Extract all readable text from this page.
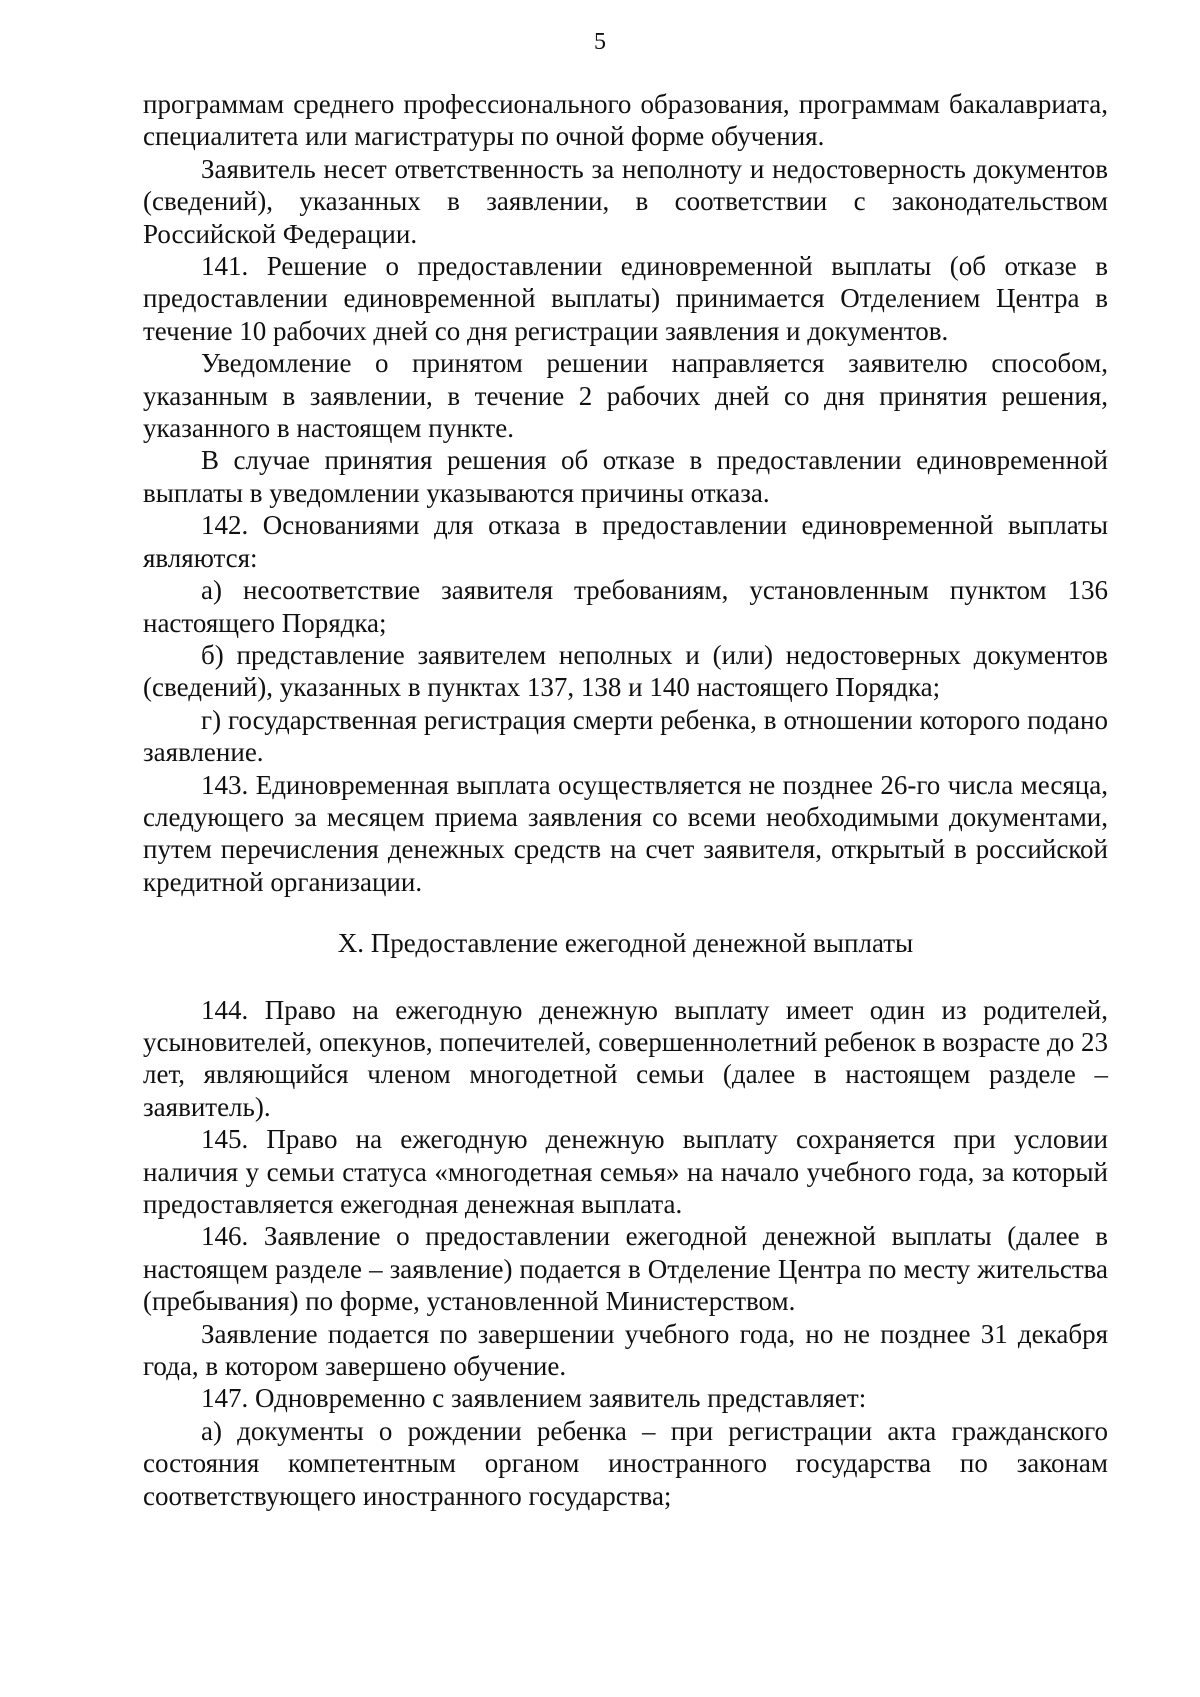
5

программам среднего профессионального образования, программам бакалавриата, специалитета или магистратуры по очной форме обучения.

Заявитель несет ответственность за неполноту и недостоверность документов (сведений), указанных в заявлении, в соответствии с законодательством Российской Федерации.

141. Решение о предоставлении единовременной выплаты (об отказе в предоставлении единовременной выплаты) принимается Отделением Центра в течение 10 рабочих дней со дня регистрации заявления и документов.

Уведомление о принятом решении направляется заявителю способом, указанным в заявлении, в течение 2 рабочих дней со дня принятия решения, указанного в настоящем пункте.

В случае принятия решения об отказе в предоставлении единовременной выплаты в уведомлении указываются причины отказа.

142. Основаниями для отказа в предоставлении единовременной выплаты являются:

а) несоответствие заявителя требованиям, установленным пунктом 136 настоящего Порядка;

б) представление заявителем неполных и (или) недостоверных документов (сведений), указанных в пунктах 137, 138 и 140 настоящего Порядка;

г) государственная регистрация смерти ребенка, в отношении которого подано заявление.

143. Единовременная выплата осуществляется не позднее 26-го числа месяца, следующего за месяцем приема заявления со всеми необходимыми документами, путем перечисления денежных средств на счет заявителя, открытый в российской кредитной организации.

X. Предоставление ежегодной денежной выплаты

144. Право на ежегодную денежную выплату имеет один из родителей, усыновителей, опекунов, попечителей, совершеннолетний ребенок в возрасте до 23 лет, являющийся членом многодетной семьи (далее в настоящем разделе – заявитель).

145. Право на ежегодную денежную выплату сохраняется при условии наличия у семьи статуса «многодетная семья» на начало учебного года, за который предоставляется ежегодная денежная выплата.

146. Заявление о предоставлении ежегодной денежной выплаты (далее в настоящем разделе – заявление) подается в Отделение Центра по месту жительства (пребывания) по форме, установленной Министерством.

Заявление подается по завершении учебного года, но не позднее 31 декабря года, в котором завершено обучение.

147. Одновременно с заявлением заявитель представляет:

а) документы о рождении ребенка – при регистрации акта гражданского состояния компетентным органом иностранного государства по законам соответствующего иностранного государства;
